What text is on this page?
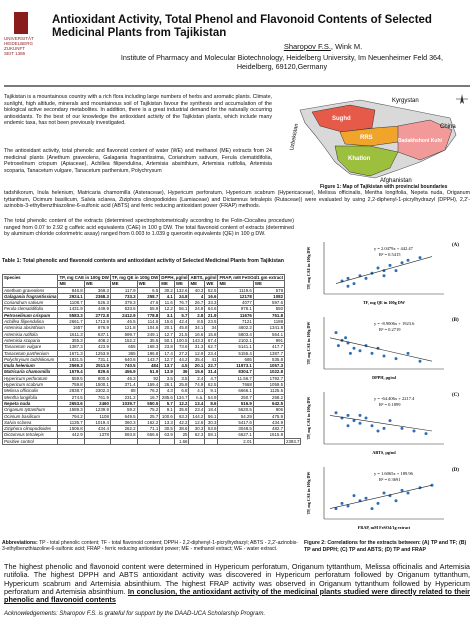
UNIVERSITÄT
HEIDELBERG
ZUKUNFT
SEIT 1386
Antioxidant Activity, Total Phenol and Flavonoid Contents of Selected Medicinal Plants from Tajikistan
Sharopov F.S., Wink M.
Institute of Pharmacy and Molecular Biotechnology, Heidelberg University, Im Neuenheimer Feld 364, Heidelberg, 69120,Germany
Tajikistan is a mountainous country with a rich flora including large numbers of herbs and aromatic plants. Climate, sunlight, high altitude, minerals and mountainous soil of Tajikistan favour the synthesis and accumulation of the biological active secondary metabolites. In addition, there is a great industrial demand for the naturally occurring antioxidants. To the best of our knowledge the antioxidant activity of the Tajikistan plants, which include many endemic taxa, has not been previously investigated.
The antioxidant activity, total phenolic and flavonoid content of water (WE) and methanol (ME) extracts from 24 medicinal plants (Anethum graveolens, Galagania fragrantissima, Coriandrum sativum, Ferula clematidifolia, Petroselinum crispum (Apiaceae), Achillea filipendulina, Artemisia absinthium, Artemisia rutifolia, Artemisia scoparia, Tanacetum vulgare, Tanacetum parthenium, Polychrysum
Kyrgystan
Uzbekistan	China
Sughd
RRS	Badakhshoni Kuhi
Khatlon
Afghanistan
Figure 1: Map of Tajikistan with provincial boundaries
tadshikorum, Inula helenium, Matricaria chamomilla (Asteraceae), Hypericum perforatum, Hypericum scabrum (Hypericaceae), Melissa officinalis, Mentha longifolia, Nepeta nuda, Origanum tyttanthum, Ocimum basilicum, Salvia sclarea, Ziziphora clinopodioides (Lamiaceae) and Dictamnus tetralepis (Rutaceae)) were evaluated by using 2,2-diphenyl-1-picrylhydrazyl (DPPH), 2,2'-azinobis-3-ethylbenzthiazoline-6-sulfonic acid (ABTS) and ferric reducing antioxidant power (FRAP) methods.
The total phenolic content of the extracts (determined spectrophotometrically according to the Folin-Ciocalteu procedure) ranged from 0.07 to 2.92 g caffeic acid equivalents (CAE) in 100 g DW. The total flavonoid content of extracts (determined by aluminum chloride colorimetric assay) ranged from 0.003 to 1.039 g quercetin equivalents (QE) in 100 g DW.
Table 1: Total phenolic and flavonoid contents and antioxidant activity of Selected Medicinal Plants from Tajikistan
Species	TP, mg CAE in 100g DW		TF, mg QE in 100g DW		DPPH, µg/ml		ABTS, µg/ml		FRAP, mM FeSO4/1 gm extract		
	ME	WE	ME	WE	ME	WE	ME	WE	ME	WE	
Anethum graveolens	846.8	369.3	117.9	6.5	30.2	132.6	40.3	52.5	1119.6	579	
Galagania fragrantissima	2924.1	2368.3	733.3	258.7	4.1	24.8	4	16.6	12178	1082	
Coriandrum sativum	1108.7	526.3	379.3	47.6	11.6	76.7	26.7	33.3	4077	597.6	
Ferula clematidifolia	1431.9	449.9	533.6	55.9	12.2	56.1	24.8	64.6	976.1	550	
Petroselinum crispum	5583.3	2772.8	2412.9	778.8	3.1	5.7	2.8	21.9	11676	761.8	
Achillea filipendulina	2661.7	1713.9	46.5	114.6	15.6	42.4	8.5	23.5	7121	1188	
Artemisia absinthium	1657	976.9	121.8	104.6	20.1	45.8	34.1	34	4602.2	1341.8	
Artemisia rutifolia	1611.3	637.1	599.7	249.1	12.7	21.5	16.6	15.8	5803.4	564.1	
Artemisia scoparia	355.3	408.2	152.2	35.6	50.1	100.5	143.3	67.4	2102.1	991	
Tanacetum vulgare	1387.3	423.9	655	168.3	23.8	73.6	31.3	62.7	5141.1	417.7	
Tanacetum parthenium	1671.3	1253.9	365	186.8	17.4	27.2	12.9	23.4	5155.4	1387.7	
Polychrysum tadshikorum	1831.5	731.1	640.6	143.7	12.7	44.2	35.4	41	685	535.8	
Inula helenium	2569.3	2511.9	740.5	484	13.7	4.5	20.1	22.7	11973.1	1057.3	
Matricaria chamomilla	1579.4	829.6	456.9	51.9	13.9	36	15.6	31.4	8304.7	1022.8	
Hypericum perforatum	559.5	800.6	46.3	92	3.5	3.5	2.4	4.7	11.56.7	1792.7	
Hypericum scabrum	759.8	1500.1	371.4	159.4	26.1	25.8	74.9	62.5	7668	1059.5	
Melissa officinalis	2838.7	2302.3	88	76.2	4.3	6.8	4.1	9.1	6666.1	1125.5	
Mentha longifolia	274.5	761.9	231.2	16.7	285.6	134.7	n.a.	54.9	250.7	268.2	
Nepeta nuda	2653.6	2460	1039.7	550.5	5.7	12.2	13.4	8.6	516.9	642.5	
Origanum tyttanthum	1589.3	1239.9	59.2	75.2	9.1	35.8	23.4	18.4	5620.5	906	
Ocimum basilicum	794.2	1108	649.5	25.7	100.6	63.3	144.2	56.1	54.29	475.9	
Salvia sclarea	1135.7	1019.4	360.3	162.2	13.3	42.2	12.6	30.3	5417.6	434.9	
Ziziphora clinopodioides	1506.8	434.4	262.2	71.1	30.5	38.6	30.3	53.9	3048.5	482.7	
Dictamnus tetralepis	442.9	1378	593.8	656.6	63.9	25	62.3	58.1	6627.1	1515.8	
Positive control						1.66			2.01		2393.7
Abbreviations: TP - total phenolic content; TF - total flavonoid content; DPPH - 2,2-diphenyl-1-picrylhydrazyl; ABTS - 2,2'-azinobis-3-ethylbenzthiazoline-6-sulfonic acid; FRAP - ferric reducing antioxidant power; ME - methanol extract; WE - water extract.
(A)
y = 2.0479x + 442.47
R² = 0.5415
TF, mg QE in 100g DW
TP, mg CAE in 100g DW
(B)
y = -8.9006x + 1923.6
R² = 0.2719
DPPH, µg/ml
TP, mg CAE in 100g DW
(C)
y = -64.406x + 2217.4
R² = 0.1899
ABTS, µg/ml
TP, mg CAE in 100g DW
(D)
y = 1.6065x + 189.96
R² = 0.3691
FRAP, mM FeSO4/1g extract
TP, mg CAE in 100g DW
Figure 2: Correlations for the extracts between: (A) TP and TF; (B) TP and DPPH; (C) TP and ABTS; (D) TP and FRAP
The highest phenolic and flavonoid content were determined in Hypericum perforatum, Origanum tyttanthum, Melissa officinalis and Artemisia rutifolia. The highest DPPH and ABTS antioxidant activity was discovered in Hypericum perforatum followed by Origanum tyttanthum, Hypericum scabrum and Artemisia absinthium. The highest FRAP activity was observed in Origanum tyttanthum followed by Hypericum perforatum and Artemisia absinthium. In conclusion, the antioxidant activity of the medicinal plants studied were directly related to their phenolic and flavonoid contents
Acknowledgements: Sharopov F.S. is grateful for support by the DAAD-UCA Scholarship Program.
